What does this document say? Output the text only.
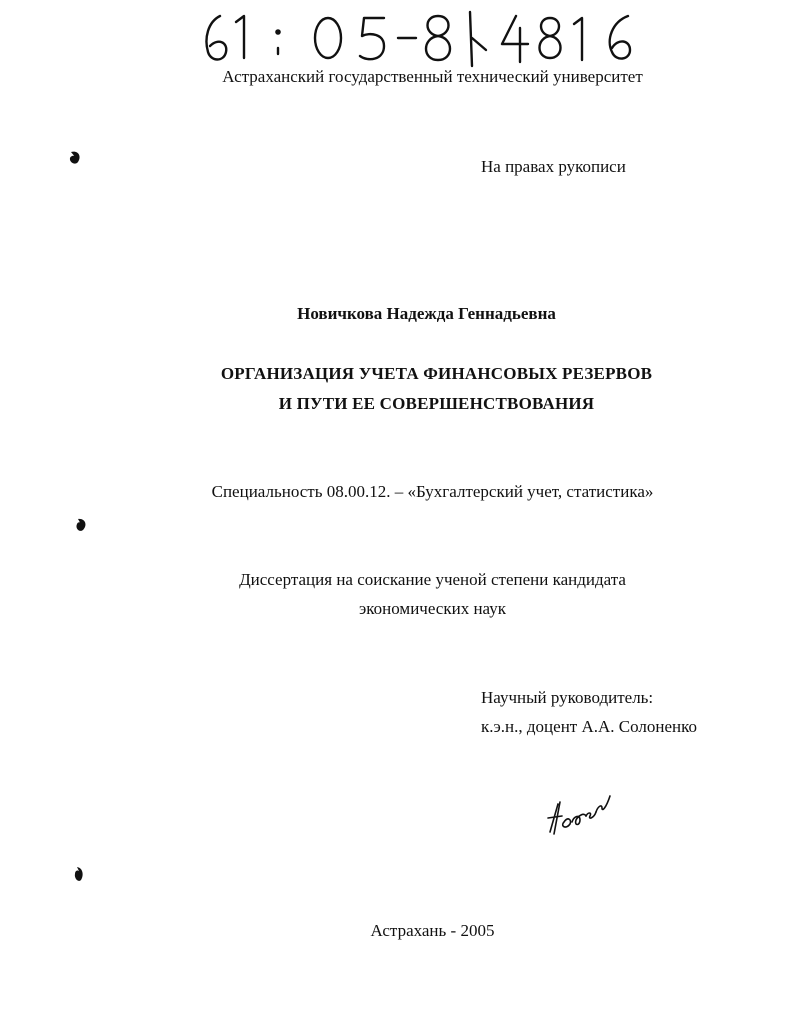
Астраханский государственный технический университет
На правах рукописи
Новичкова Надежда Геннадьевна
ОРГАНИЗАЦИЯ УЧЕТА ФИНАНСОВЫХ РЕЗЕРВОВ
И ПУТИ ЕЕ СОВЕРШЕНСТВОВАНИЯ
Специальность 08.00.12. – «Бухгалтерский учет, статистика»
Диссертация на соискание ученой степени кандидата
экономических наук
Научный руководитель:
к.э.н., доцент А.А. Солоненко
Астрахань - 2005
